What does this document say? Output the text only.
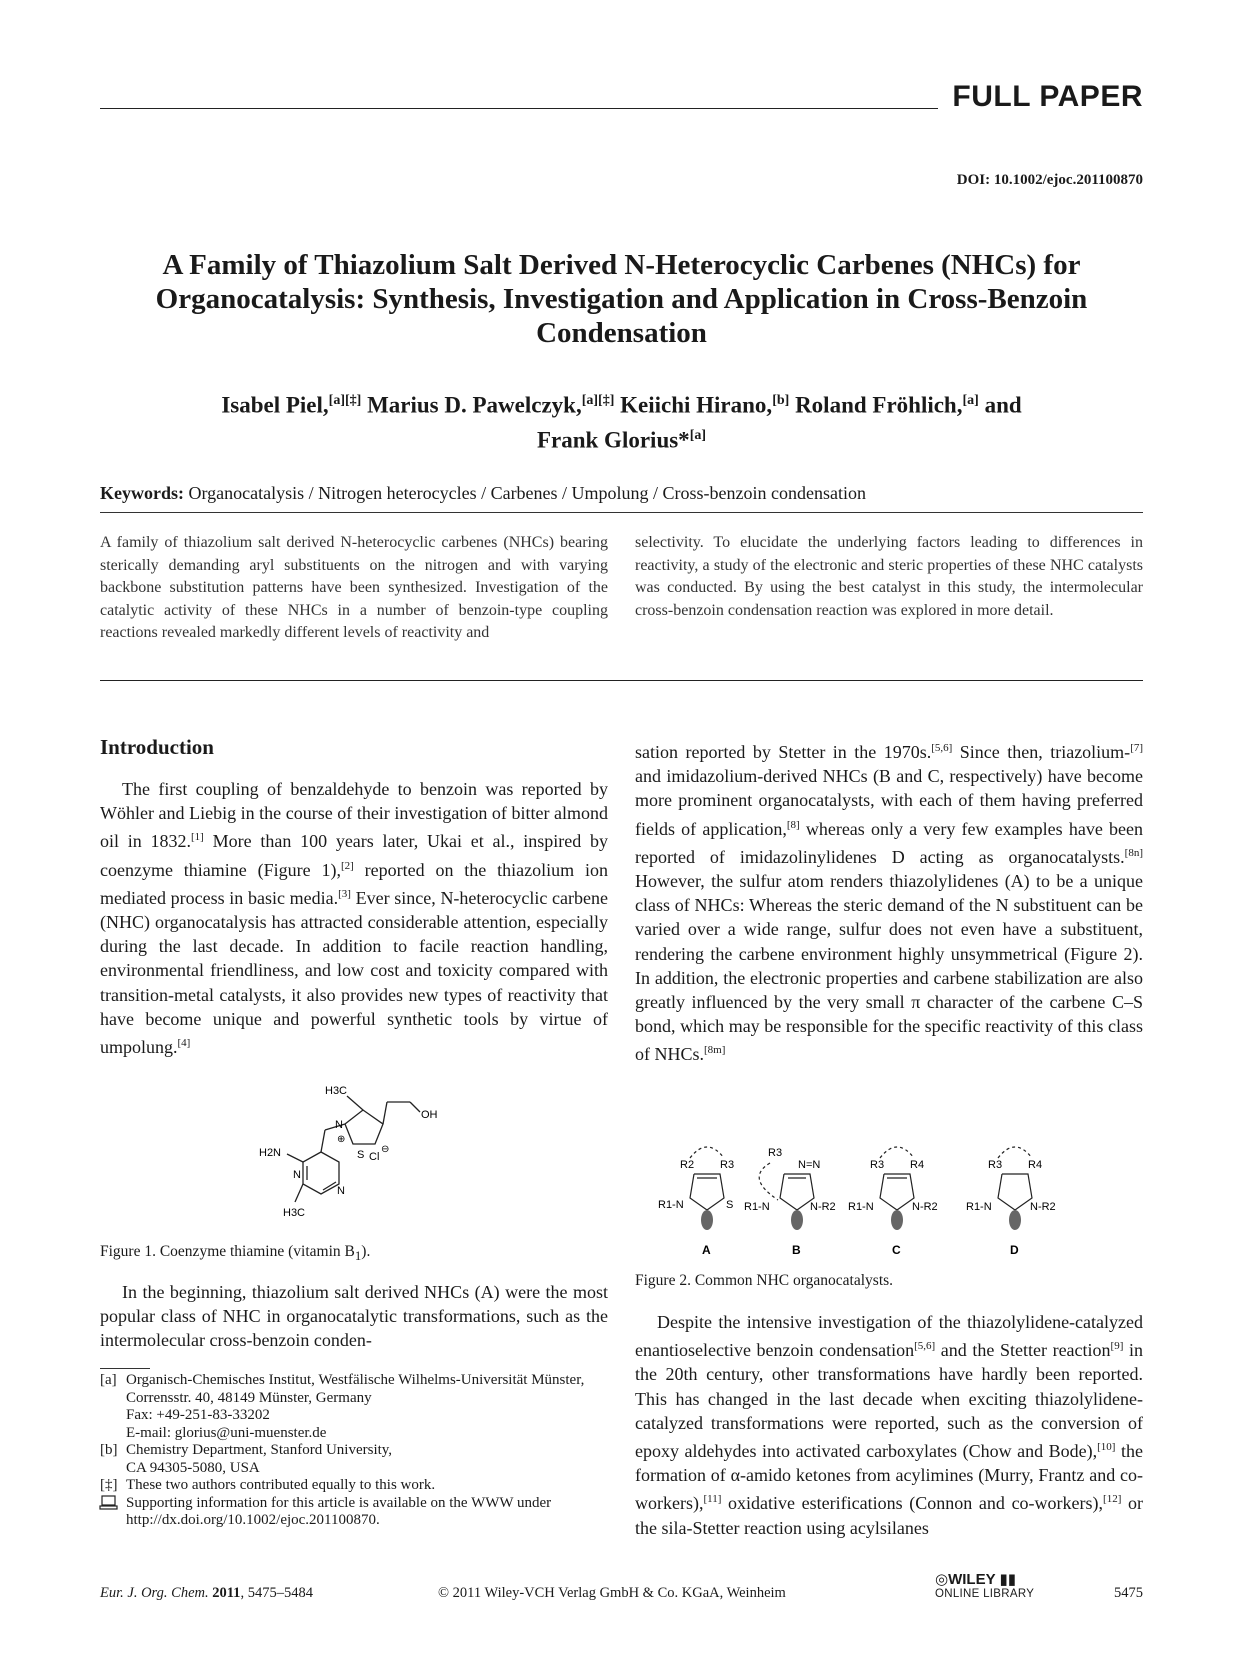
FULL PAPER
DOI: 10.1002/ejoc.201100870
A Family of Thiazolium Salt Derived N-Heterocyclic Carbenes (NHCs) for Organocatalysis: Synthesis, Investigation and Application in Cross-Benzoin Condensation
Isabel Piel,[a][‡] Marius D. Pawelczyk,[a][‡] Keiichi Hirano,[b] Roland Fröhlich,[a] and
Frank Glorius*[a]
Keywords: Organocatalysis / Nitrogen heterocycles / Carbenes / Umpolung / Cross-benzoin condensation
A family of thiazolium salt derived N-heterocyclic carbenes (NHCs) bearing sterically demanding aryl substituents on the nitrogen and with varying backbone substitution patterns have been synthesized. Investigation of the catalytic activity of these NHCs in a number of benzoin-type coupling reactions revealed markedly different levels of reactivity and
selectivity. To elucidate the underlying factors leading to differences in reactivity, a study of the electronic and steric properties of these NHC catalysts was conducted. By using the best catalyst in this study, the intermolecular cross-benzoin condensation reaction was explored in more detail.
Introduction

The first coupling of benzaldehyde to benzoin was reported by Wöhler and Liebig in the course of their investigation of bitter almond oil in 1832.[1] More than 100 years later, Ukai et al., inspired by coenzyme thiamine (Figure 1),[2] reported on the thiazolium ion mediated process in basic media.[3] Ever since, N-heterocyclic carbene (NHC) organocatalysis has attracted considerable attention, especially during the last decade. In addition to facile reaction handling, environmental friendliness, and low cost and toxicity compared with transition-metal catalysts, it also provides new types of reactivity that have become unique and powerful synthetic tools by virtue of umpolung.[4]

H3C
OH
S
N
⊕
Cl
⊖
H2N
N
N
H3C
Figure 1. Coenzyme thiamine (vitamin $B_1$).

In the beginning, thiazolium salt derived NHCs (A) were the most popular class of NHC in organocatalytic transformations, such as the intermolecular cross-benzoin conden-

[a] Organisch-Chemisches Institut, Westfälische Wilhelms-Universität Münster,
Corrensstr. 40, 48149 Münster, Germany
Fax: +49-251-83-33202
E-mail: glorius@uni-muenster.de
[b] Chemistry Department, Stanford University,
CA 94305-5080, USA
[‡] These two authors contributed equally to this work.
Supporting information for this article is available on the WWW under http://dx.doi.org/10.1002/ejoc.201100870.

sation reported by Stetter in the 1970s.[5,6] Since then, triazolium-[7] and imidazolium-derived NHCs (B and C, respectively) have become more prominent organocatalysts, with each of them having preferred fields of application,[8] whereas only a very few examples have been reported of imidazolinylidenes D acting as organocatalysts.[8n] However, the sulfur atom renders thiazolylidenes (A) to be a unique class of NHCs: Whereas the steric demand of the N substituent can be varied over a wide range, sulfur does not even have a substituent, rendering the carbene environment highly unsymmetrical (Figure 2). In addition, the electronic properties and carbene stabilization are also greatly influenced by the very small π character of the carbene C–S bond, which may be responsible for the specific reactivity of this class of NHCs.[8m]

R2 R3
R1-N	S
A
R3
N=N
R1-N	N-R2
B
R3 R4
R1-N	N-R2
C
R3 R4
R1-N	N-R2
D
Figure 2. Common NHC organocatalysts.

Despite the intensive investigation of the thiazolylidene-catalyzed enantioselective benzoin condensation[5,6] and the Stetter reaction[9] in the 20th century, other transformations have hardly been reported. This has changed in the last decade when exciting thiazolylidene-catalyzed transformations were reported, such as the conversion of epoxy aldehydes into activated carboxylates (Chow and Bode),[10] the formation of α-amido ketones from acylimines (Murry, Frantz and co-workers),[11] oxidative esterifications (Connon and co-workers),[12] or the sila-Stetter reaction using acylsilanes

Eur. J. Org. Chem. 2011, 5475–5484	© 2011 Wiley-VCH Verlag GmbH & Co. KGaA, Weinheim
◎WILEY ▮▮
ONLINE LIBRARY	5475
